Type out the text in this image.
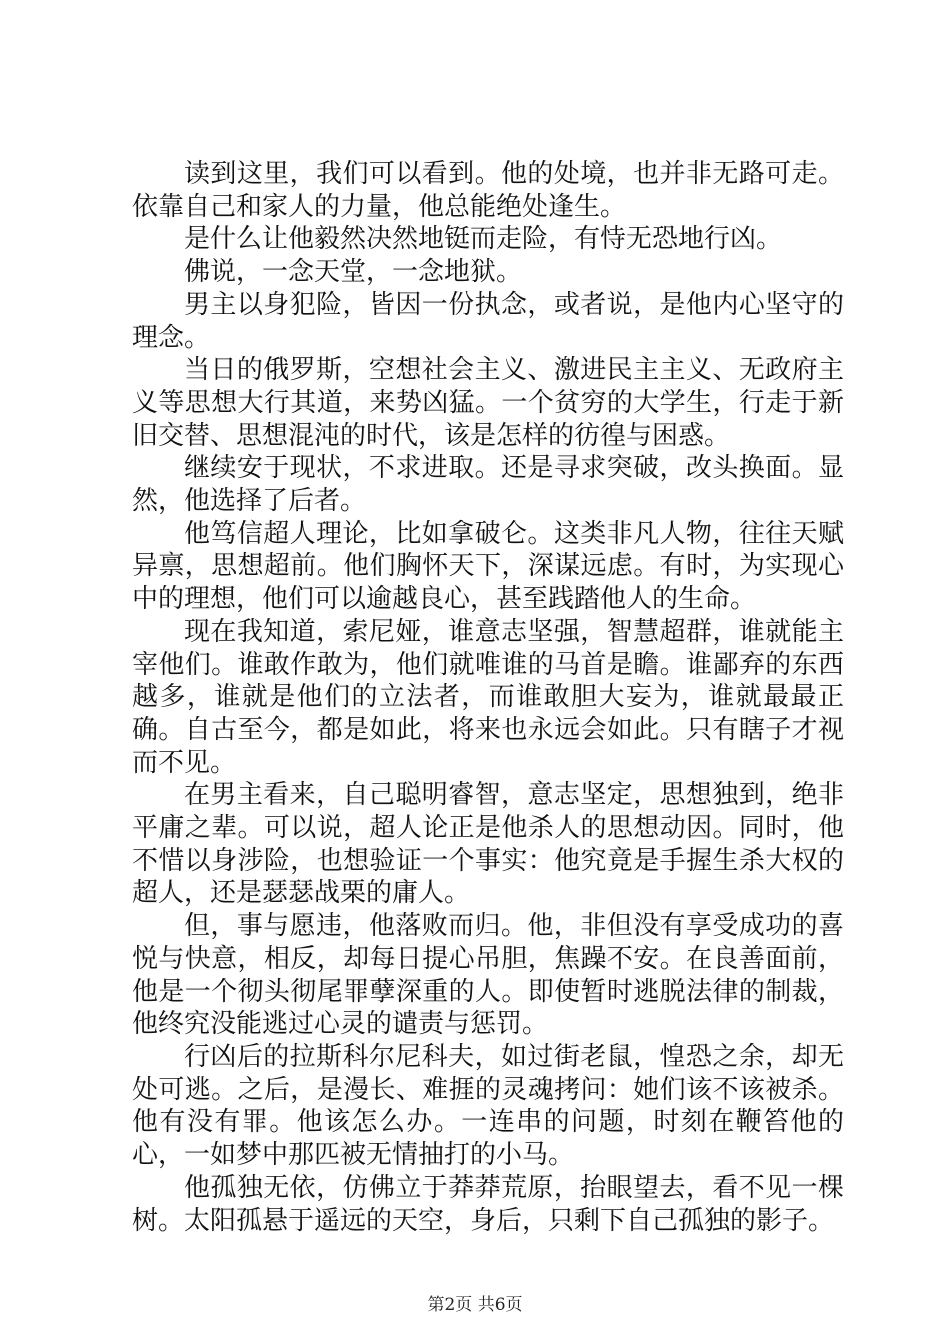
读到这里，我们可以看到。他的处境，也并非无路可走。依靠自己和家人的力量，他总能绝处逢生。

是什么让他毅然决然地铤而走险，有恃无恐地行凶。

佛说，一念天堂，一念地狱。

男主以身犯险，皆因一份执念，或者说，是他内心坚守的理念。

当日的俄罗斯，空想社会主义、激进民主主义、无政府主义等思想大行其道，来势凶猛。一个贫穷的大学生，行走于新旧交替、思想混沌的时代，该是怎样的彷徨与困惑。

继续安于现状，不求进取。还是寻求突破，改头换面。显然，他选择了后者。

他笃信超人理论，比如拿破仑。这类非凡人物，往往天赋异禀，思想超前。他们胸怀天下，深谋远虑。有时，为实现心中的理想，他们可以逾越良心，甚至践踏他人的生命。

现在我知道，索尼娅，谁意志坚强，智慧超群，谁就能主宰他们。谁敢作敢为，他们就唯谁的马首是瞻。谁鄙弃的东西越多，谁就是他们的立法者，而谁敢胆大妄为，谁就最最正确。自古至今，都是如此，将来也永远会如此。只有瞎子才视而不见。

在男主看来，自己聪明睿智，意志坚定，思想独到，绝非平庸之辈。可以说，超人论正是他杀人的思想动因。同时，他不惜以身涉险，也想验证一个事实：他究竟是手握生杀大权的超人，还是瑟瑟战栗的庸人。

但，事与愿违，他落败而归。他，非但没有享受成功的喜悦与快意，相反，却每日提心吊胆，焦躁不安。在良善面前，他是一个彻头彻尾罪孽深重的人。即使暂时逃脱法律的制裁，他终究没能逃过心灵的谴责与惩罚。

行凶后的拉斯科尔尼科夫，如过街老鼠，惶恐之余，却无处可逃。之后，是漫长、难捱的灵魂拷问：她们该不该被杀。他有没有罪。他该怎么办。一连串的问题，时刻在鞭笞他的心，一如梦中那匹被无情抽打的小马。

他孤独无依，仿佛立于莽莽荒原，抬眼望去，看不见一棵树。太阳孤悬于遥远的天空，身后，只剩下自己孤独的影子。

第2页 共6页
